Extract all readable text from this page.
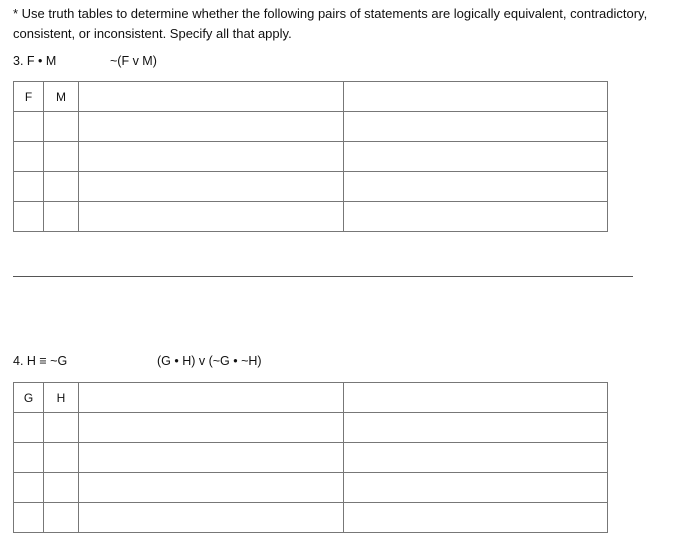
* Use truth tables to determine whether the following pairs of statements are logically equivalent, contradictory, consistent, or inconsistent. Specify all that apply.
3. F • M	~(F v M)
F	M		

4. H ≡ ~G	(G • H) v (~G • ~H)
G	H		
